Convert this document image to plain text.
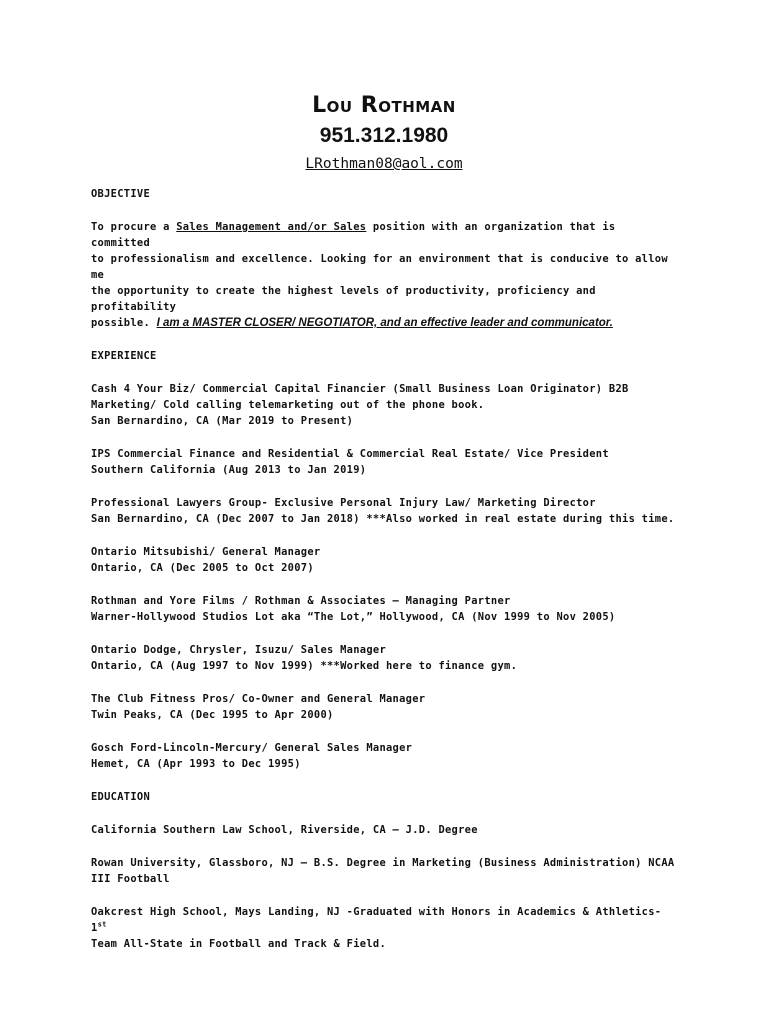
Lou Rothman
951.312.1980
LRothman08@aol.com
OBJECTIVE
To procure a Sales Management and/or Sales position with an organization that is committed
to professionalism and excellence. Looking for an environment that is conducive to allow me
the opportunity to create the highest levels of productivity, proficiency and profitability
possible. I am a MASTER CLOSER/ NEGOTIATOR, and an effective leader and communicator.
EXPERIENCE
Cash 4 Your Biz/ Commercial Capital Financier (Small Business Loan Originator) B2B
Marketing/ Cold calling telemarketing out of the phone book.
San Bernardino, CA (Mar 2019 to Present)
IPS Commercial Finance and Residential & Commercial Real Estate/ Vice President
Southern California (Aug 2013 to Jan 2019)
Professional Lawyers Group- Exclusive Personal Injury Law/ Marketing Director
San Bernardino, CA (Dec 2007 to Jan 2018) ***Also worked in real estate during this time.
Ontario Mitsubishi/ General Manager
Ontario, CA (Dec 2005 to Oct 2007)
Rothman and Yore Films / Rothman & Associates – Managing Partner
Warner-Hollywood Studios Lot aka “The Lot,” Hollywood, CA (Nov 1999 to Nov 2005)
Ontario Dodge, Chrysler, Isuzu/ Sales Manager
Ontario, CA (Aug 1997 to Nov 1999) ***Worked here to finance gym.
The Club Fitness Pros/ Co-Owner and General Manager
Twin Peaks, CA (Dec 1995 to Apr 2000)
Gosch Ford-Lincoln-Mercury/ General Sales Manager
Hemet, CA (Apr 1993 to Dec 1995)
EDUCATION
California Southern Law School, Riverside, CA – J.D. Degree
Rowan University, Glassboro, NJ – B.S. Degree in Marketing (Business Administration) NCAA
III Football
Oakcrest High School, Mays Landing, NJ -Graduated with Honors in Academics & Athletics- 1st
Team All-State in Football and Track & Field.
